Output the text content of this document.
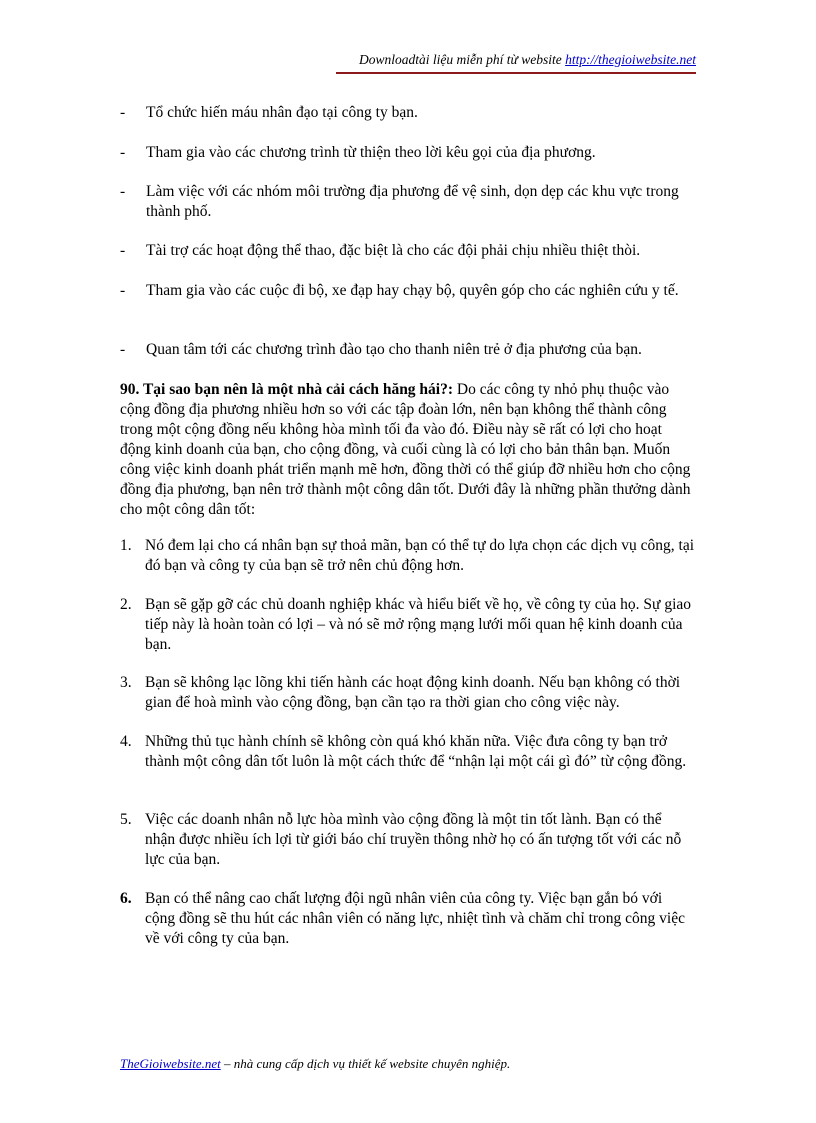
Downloadtài liệu miễn phí từ website http://thegioiwebsite.net
- Tổ chức hiến máu nhân đạo tại công ty bạn.
- Tham gia vào các chương trình từ thiện theo lời kêu gọi của địa phương.
- Làm việc với các nhóm môi trường địa phương để vệ sinh, dọn dẹp các khu vực trong thành phố.
- Tài trợ các hoạt động thể thao, đặc biệt là cho các đội phải chịu nhiều thiệt thòi.
- Tham gia vào các cuộc đi bộ, xe đạp hay chạy bộ, quyên góp cho các nghiên cứu y tế.
- Quan tâm tới các chương trình đào tạo cho thanh niên trẻ ở địa phương của bạn.
90. Tại sao bạn nên là một nhà cải cách hăng hái?: Do các công ty nhỏ phụ thuộc vào cộng đồng địa phương nhiều hơn so với các tập đoàn lớn, nên bạn không thể thành công trong một cộng đồng nếu không hòa mình tối đa vào đó. Điều này sẽ rất có lợi cho hoạt động kinh doanh của bạn, cho cộng đồng, và cuối cùng là có lợi cho bản thân bạn. Muốn công việc kinh doanh phát triển mạnh mẽ hơn, đồng thời có thể giúp đỡ nhiều hơn cho cộng đồng địa phương, bạn nên trở thành một công dân tốt. Dưới đây là những phần thưởng dành cho một công dân tốt:
1. Nó đem lại cho cá nhân bạn sự thoả mãn, bạn có thể tự do lựa chọn các dịch vụ công, tại đó bạn và công ty của bạn sẽ trở nên chủ động hơn.
2. Bạn sẽ gặp gỡ các chủ doanh nghiệp khác và hiểu biết về họ, về công ty của họ. Sự giao tiếp này là hoàn toàn có lợi – và nó sẽ mở rộng mạng lưới mối quan hệ kinh doanh của bạn.
3. Bạn sẽ không lạc lõng khi tiến hành các hoạt động kinh doanh. Nếu bạn không có thời gian để hoà mình vào cộng đồng, bạn cần tạo ra thời gian cho công việc này.
4. Những thủ tục hành chính sẽ không còn quá khó khăn nữa. Việc đưa công ty bạn trở thành một công dân tốt luôn là một cách thức để “nhận lại một cái gì đó” từ cộng đồng.
5. Việc các doanh nhân nỗ lực hòa mình vào cộng đồng là một tin tốt lành. Bạn có thể nhận được nhiều ích lợi từ giới báo chí truyền thông nhờ họ có ấn tượng tốt với các nỗ lực của bạn.
6. Bạn có thể nâng cao chất lượng đội ngũ nhân viên của công ty. Việc bạn gắn bó với cộng đồng sẽ thu hút các nhân viên có năng lực, nhiệt tình và chăm chỉ trong công việc về với công ty của bạn.
TheGioiwebsite.net – nhà cung cấp dịch vụ thiết kế website chuyên nghiệp.
